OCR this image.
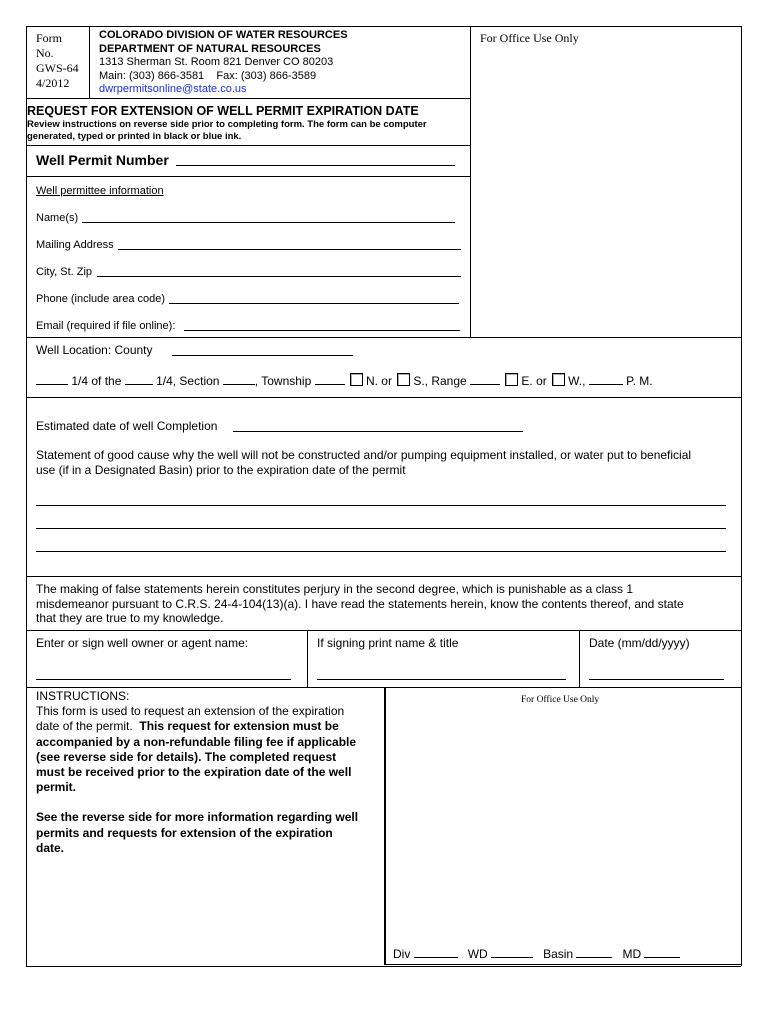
Form
No.
GWS-64
4/2012
COLORADO DIVISION OF WATER RESOURCES
DEPARTMENT OF NATURAL RESOURCES
1313 Sherman St. Room 821 Denver CO 80203
Main: (303) 866-3581    Fax: (303) 866-3589
dwrpermitsonline@state.co.us
For Office Use Only
REQUEST FOR EXTENSION OF WELL PERMIT EXPIRATION DATE
Review instructions on reverse side prior to completing form. The form can be computer
generated, typed or printed in black or blue ink.
Well Permit Number
Well permittee information
Name(s)
Mailing Address
City, St. Zip
Phone (include area code)
Email (required if file online):
Well Location: County
1/4 of the	1/4, Section	, Township	N. or S., Range	E. or W.,	P. M.
Estimated date of well Completion
Statement of good cause why the well will not be constructed and/or pumping equipment installed, or water put to beneficial
use (if in a Designated Basin) prior to the expiration date of the permit
The making of false statements herein constitutes perjury in the second degree, which is punishable as a class 1
misdemeanor pursuant to C.R.S. 24-4-104(13)(a). I have read the statements herein, know the contents thereof, and state
that they are true to my knowledge.
Enter or sign well owner or agent name:	If signing print name & title	Date (mm/dd/yyyy)
INSTRUCTIONS:
This form is used to request an extension of the expiration
date of the permit.  This request for extension must be
accompanied by a non-refundable filing fee if applicable
(see reverse side for details). The completed request
must be received prior to the expiration date of the well
permit.
See the reverse side for more information regarding well
permits and requests for extension of the expiration
date.
For Office Use Only
Div	WD	Basin	MD
